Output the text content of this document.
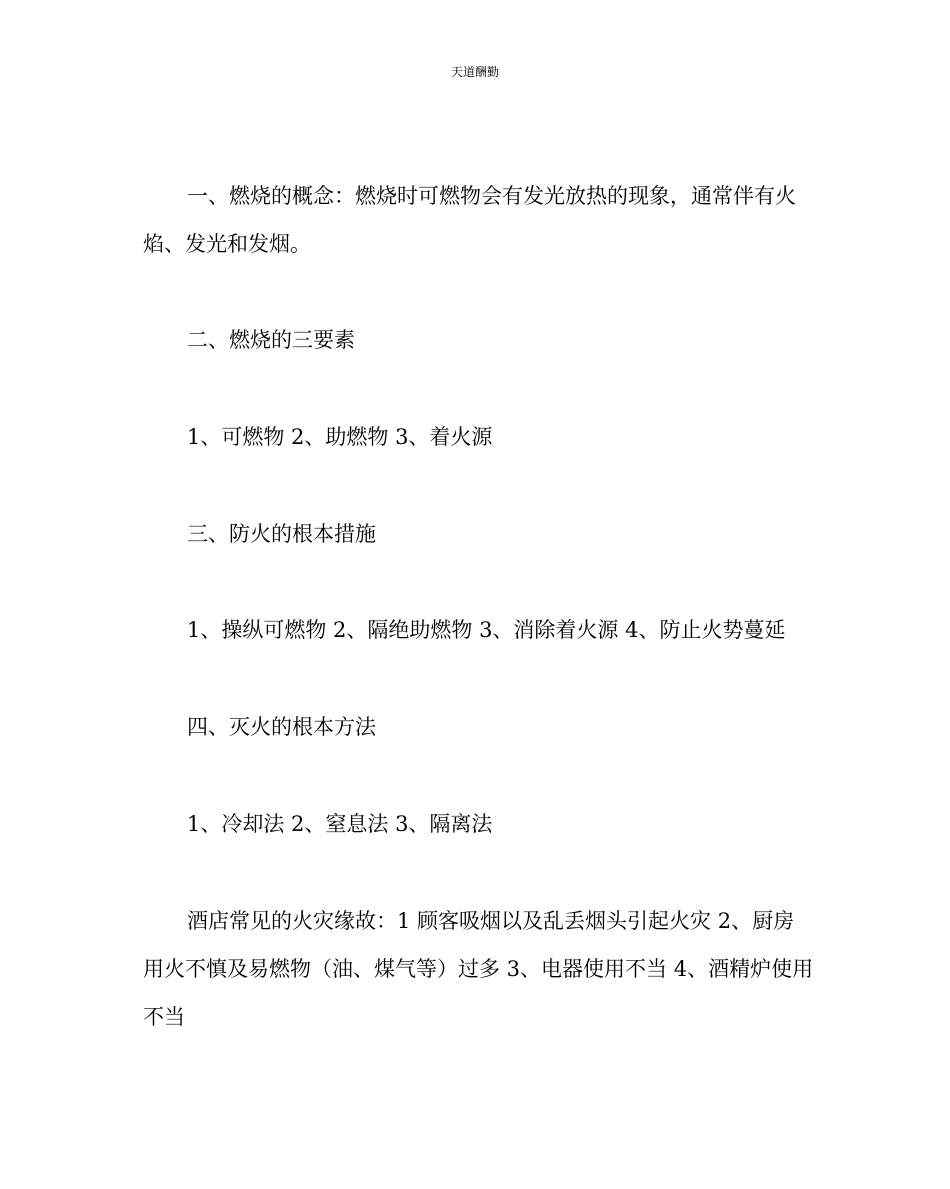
天道酬勤

一、燃烧的概念：燃烧时可燃物会有发光放热的现象，通常伴有火焰、发光和发烟。

二、燃烧的三要素

1、可燃物 2、助燃物 3、着火源

三、防火的根本措施

1、操纵可燃物 2、隔绝助燃物 3、消除着火源 4、防止火势蔓延

四、灭火的根本方法

1、冷却法 2、窒息法 3、隔离法

酒店常见的火灾缘故：1 顾客吸烟以及乱丢烟头引起火灾 2、厨房用火不慎及易燃物（油、煤气等）过多 3、电器使用不当 4、酒精炉使用不当
